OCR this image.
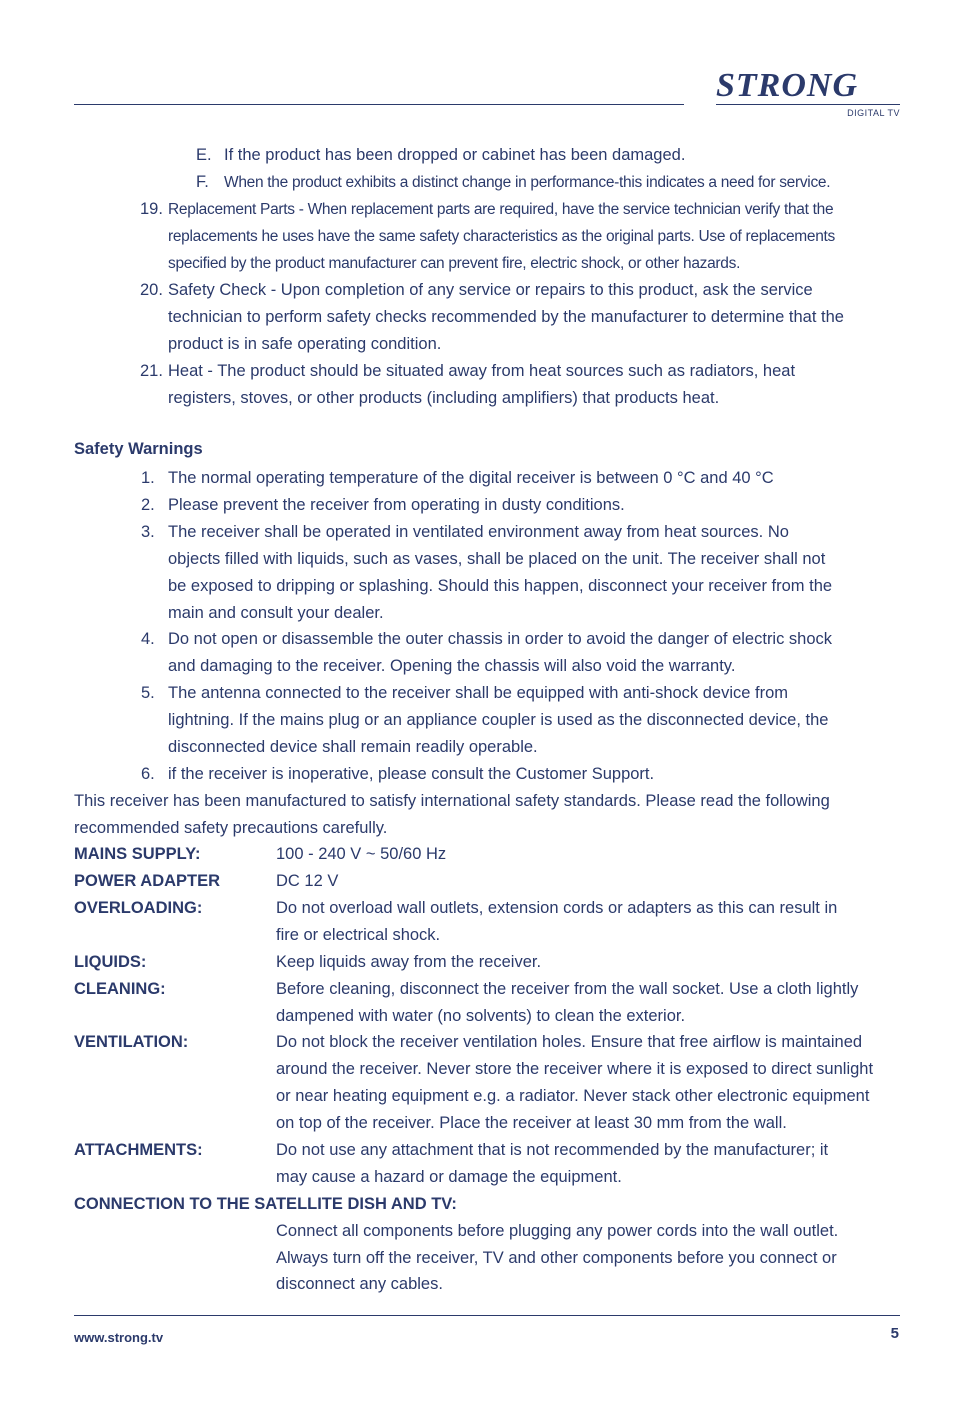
STRONG
DIGITAL TV
E. If the product has been dropped or cabinet has been damaged.
F. When the product exhibits a distinct change in performance-this indicates a need for service.
19. Replacement Parts - When replacement parts are required, have the service technician verify that the
replacements he uses have the same safety characteristics as the original parts. Use of replacements
specified by the product manufacturer can prevent fire, electric shock, or other hazards.
20. Safety Check - Upon completion of any service or repairs to this product, ask the service
technician to perform safety checks recommended by the manufacturer to determine that the
product is in safe operating condition.
21. Heat - The product should be situated away from heat sources such as radiators, heat
registers, stoves, or other products (including amplifiers) that products heat.
Safety Warnings
1. The normal operating temperature of the digital receiver is between 0 °C and 40 °C
2. Please prevent the receiver from operating in dusty conditions.
3. The receiver shall be operated in ventilated environment away from heat sources. No
objects filled with liquids, such as vases, shall be placed on the unit. The receiver shall not
be exposed to dripping or splashing. Should this happen, disconnect your receiver from the
main and consult your dealer.
4. Do not open or disassemble the outer chassis in order to avoid the danger of electric shock
and damaging to the receiver. Opening the chassis will also void the warranty.
5. The antenna connected to the receiver shall be equipped with anti-shock device from
lightning. If the mains plug or an appliance coupler is used as the disconnected device, the
disconnected device shall remain readily operable.
6. if the receiver is inoperative, please consult the Customer Support.
This receiver has been manufactured to satisfy international safety standards. Please read the following
recommended safety precautions carefully.
MAINS SUPPLY:	100 - 240 V ~ 50/60 Hz
POWER ADAPTER	DC 12 V
OVERLOADING:	Do not overload wall outlets, extension cords or adapters as this can result in
fire or electrical shock.
LIQUIDS:	Keep liquids away from the receiver.
CLEANING:	Before cleaning, disconnect the receiver from the wall socket. Use a cloth lightly
dampened with water (no solvents) to clean the exterior.
VENTILATION:	Do not block the receiver ventilation holes. Ensure that free airflow is maintained
around the receiver. Never store the receiver where it is exposed to direct sunlight
or near heating equipment e.g. a radiator. Never stack other electronic equipment
on top of the receiver. Place the receiver at least 30 mm from the wall.
ATTACHMENTS:	Do not use any attachment that is not recommended by the manufacturer; it
may cause a hazard or damage the equipment.
CONNECTION TO THE SATELLITE DISH AND TV:
Connect all components before plugging any power cords into the wall outlet.
Always turn off the receiver, TV and other components before you connect or
disconnect any cables.
www.strong.tv	5
